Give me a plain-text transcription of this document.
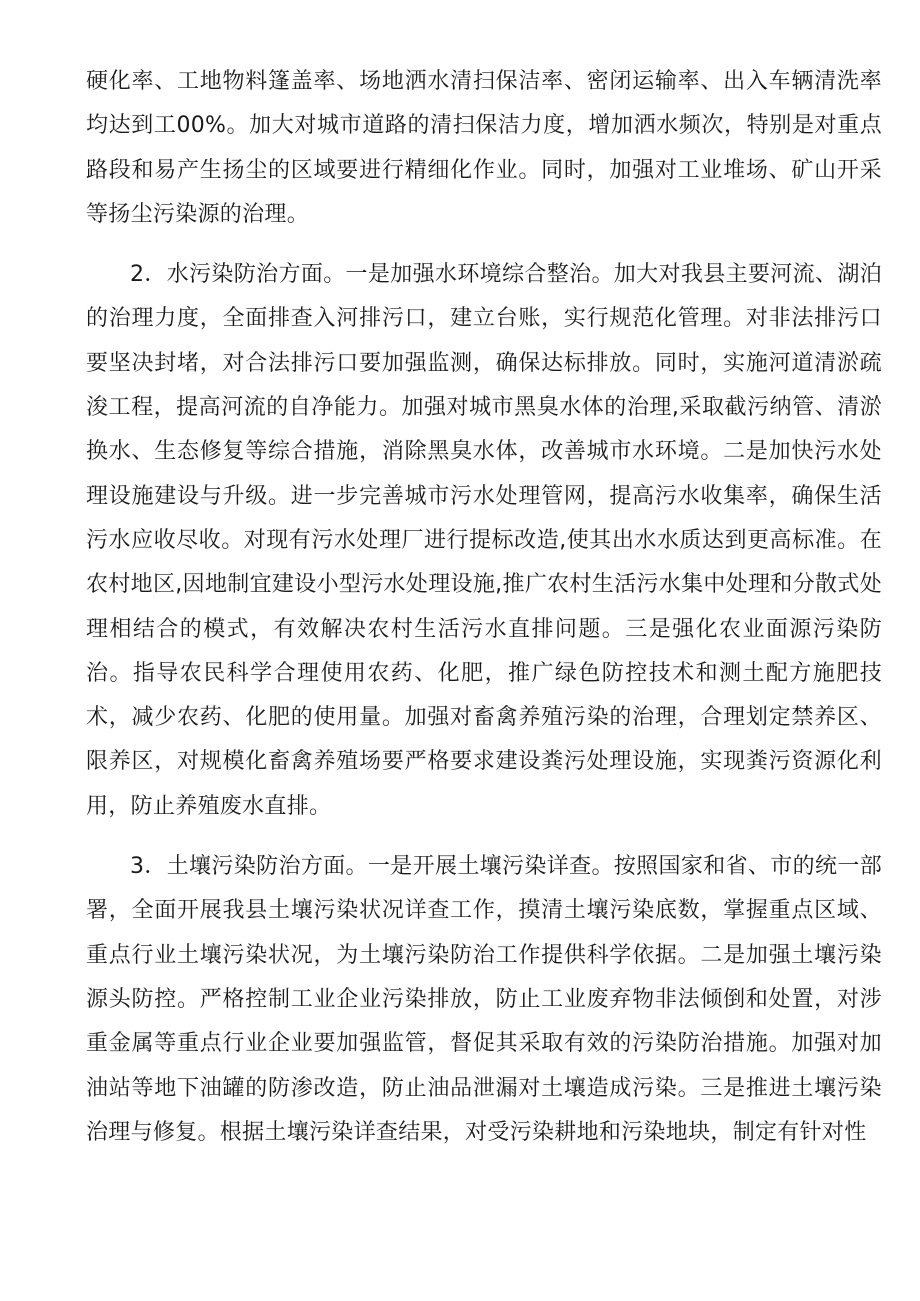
硬化率、工地物料篷盖率、场地洒水清扫保洁率、密闭运输率、出入车辆清洗率均达到工00%。加大对城市道路的清扫保洁力度，增加洒水频次，特别是对重点路段和易产生扬尘的区域要进行精细化作业。同时，加强对工业堆场、矿山开采等扬尘污染源的治理。

2．水污染防治方面。一是加强水环境综合整治。加大对我县主要河流、湖泊的治理力度，全面排查入河排污口，建立台账，实行规范化管理。对非法排污口要坚决封堵，对合法排污口要加强监测，确保达标排放。同时，实施河道清淤疏浚工程，提高河流的自净能力。加强对城市黑臭水体的治理,采取截污纳管、清淤换水、生态修复等综合措施，消除黑臭水体，改善城市水环境。二是加快污水处理设施建设与升级。进一步完善城市污水处理管网，提高污水收集率，确保生活污水应收尽收。对现有污水处理厂进行提标改造,使其出水水质达到更高标准。在农村地区,因地制宜建设小型污水处理设施,推广农村生活污水集中处理和分散式处理相结合的模式，有效解决农村生活污水直排问题。三是强化农业面源污染防治。指导农民科学合理使用农药、化肥，推广绿色防控技术和测土配方施肥技术，减少农药、化肥的使用量。加强对畜禽养殖污染的治理，合理划定禁养区、限养区，对规模化畜禽养殖场要严格要求建设粪污处理设施，实现粪污资源化利用，防止养殖废水直排。

3．土壤污染防治方面。一是开展土壤污染详查。按照国家和省、市的统一部署，全面开展我县土壤污染状况详查工作，摸清土壤污染底数，掌握重点区域、重点行业土壤污染状况，为土壤污染防治工作提供科学依据。二是加强土壤污染源头防控。严格控制工业企业污染排放，防止工业废弃物非法倾倒和处置，对涉重金属等重点行业企业要加强监管，督促其采取有效的污染防治措施。加强对加油站等地下油罐的防渗改造，防止油品泄漏对土壤造成污染。三是推进土壤污染治理与修复。根据土壤污染详查结果，对受污染耕地和污染地块，制定有针对性
